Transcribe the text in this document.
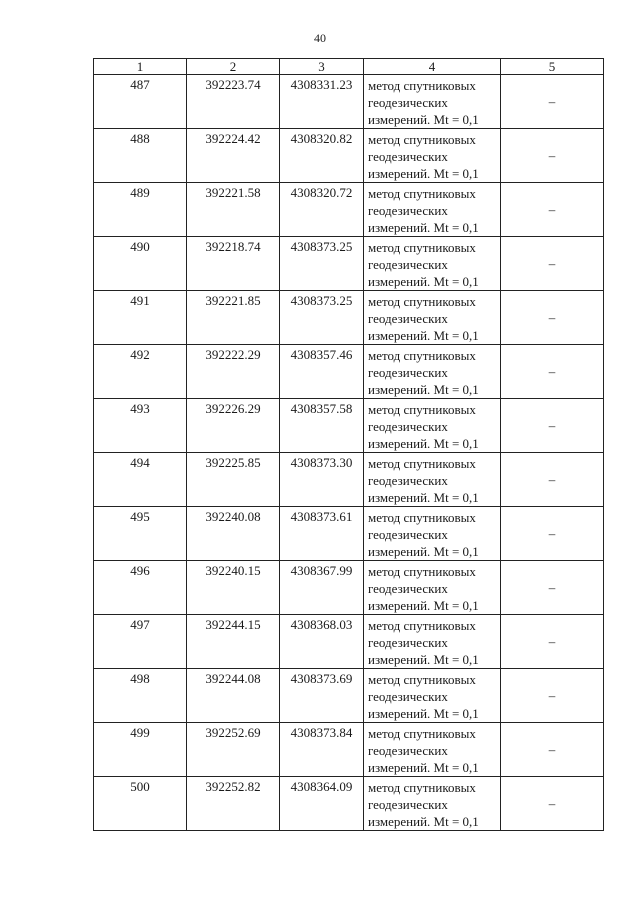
40
1	2	3	4	5
487	392223.74	4308331.23	метод спутниковых геодезических измерений. Mt = 0,1	–
488	392224.42	4308320.82	метод спутниковых геодезических измерений. Mt = 0,1	–
489	392221.58	4308320.72	метод спутниковых геодезических измерений. Mt = 0,1	–
490	392218.74	4308373.25	метод спутниковых геодезических измерений. Mt = 0,1	–
491	392221.85	4308373.25	метод спутниковых геодезических измерений. Mt = 0,1	–
492	392222.29	4308357.46	метод спутниковых геодезических измерений. Mt = 0,1	–
493	392226.29	4308357.58	метод спутниковых геодезических измерений. Mt = 0,1	–
494	392225.85	4308373.30	метод спутниковых геодезических измерений. Mt = 0,1	–
495	392240.08	4308373.61	метод спутниковых геодезических измерений. Mt = 0,1	–
496	392240.15	4308367.99	метод спутниковых геодезических измерений. Mt = 0,1	–
497	392244.15	4308368.03	метод спутниковых геодезических измерений. Mt = 0,1	–
498	392244.08	4308373.69	метод спутниковых геодезических измерений. Mt = 0,1	–
499	392252.69	4308373.84	метод спутниковых геодезических измерений. Mt = 0,1	–
500	392252.82	4308364.09	метод спутниковых геодезических измерений. Mt = 0,1	–
